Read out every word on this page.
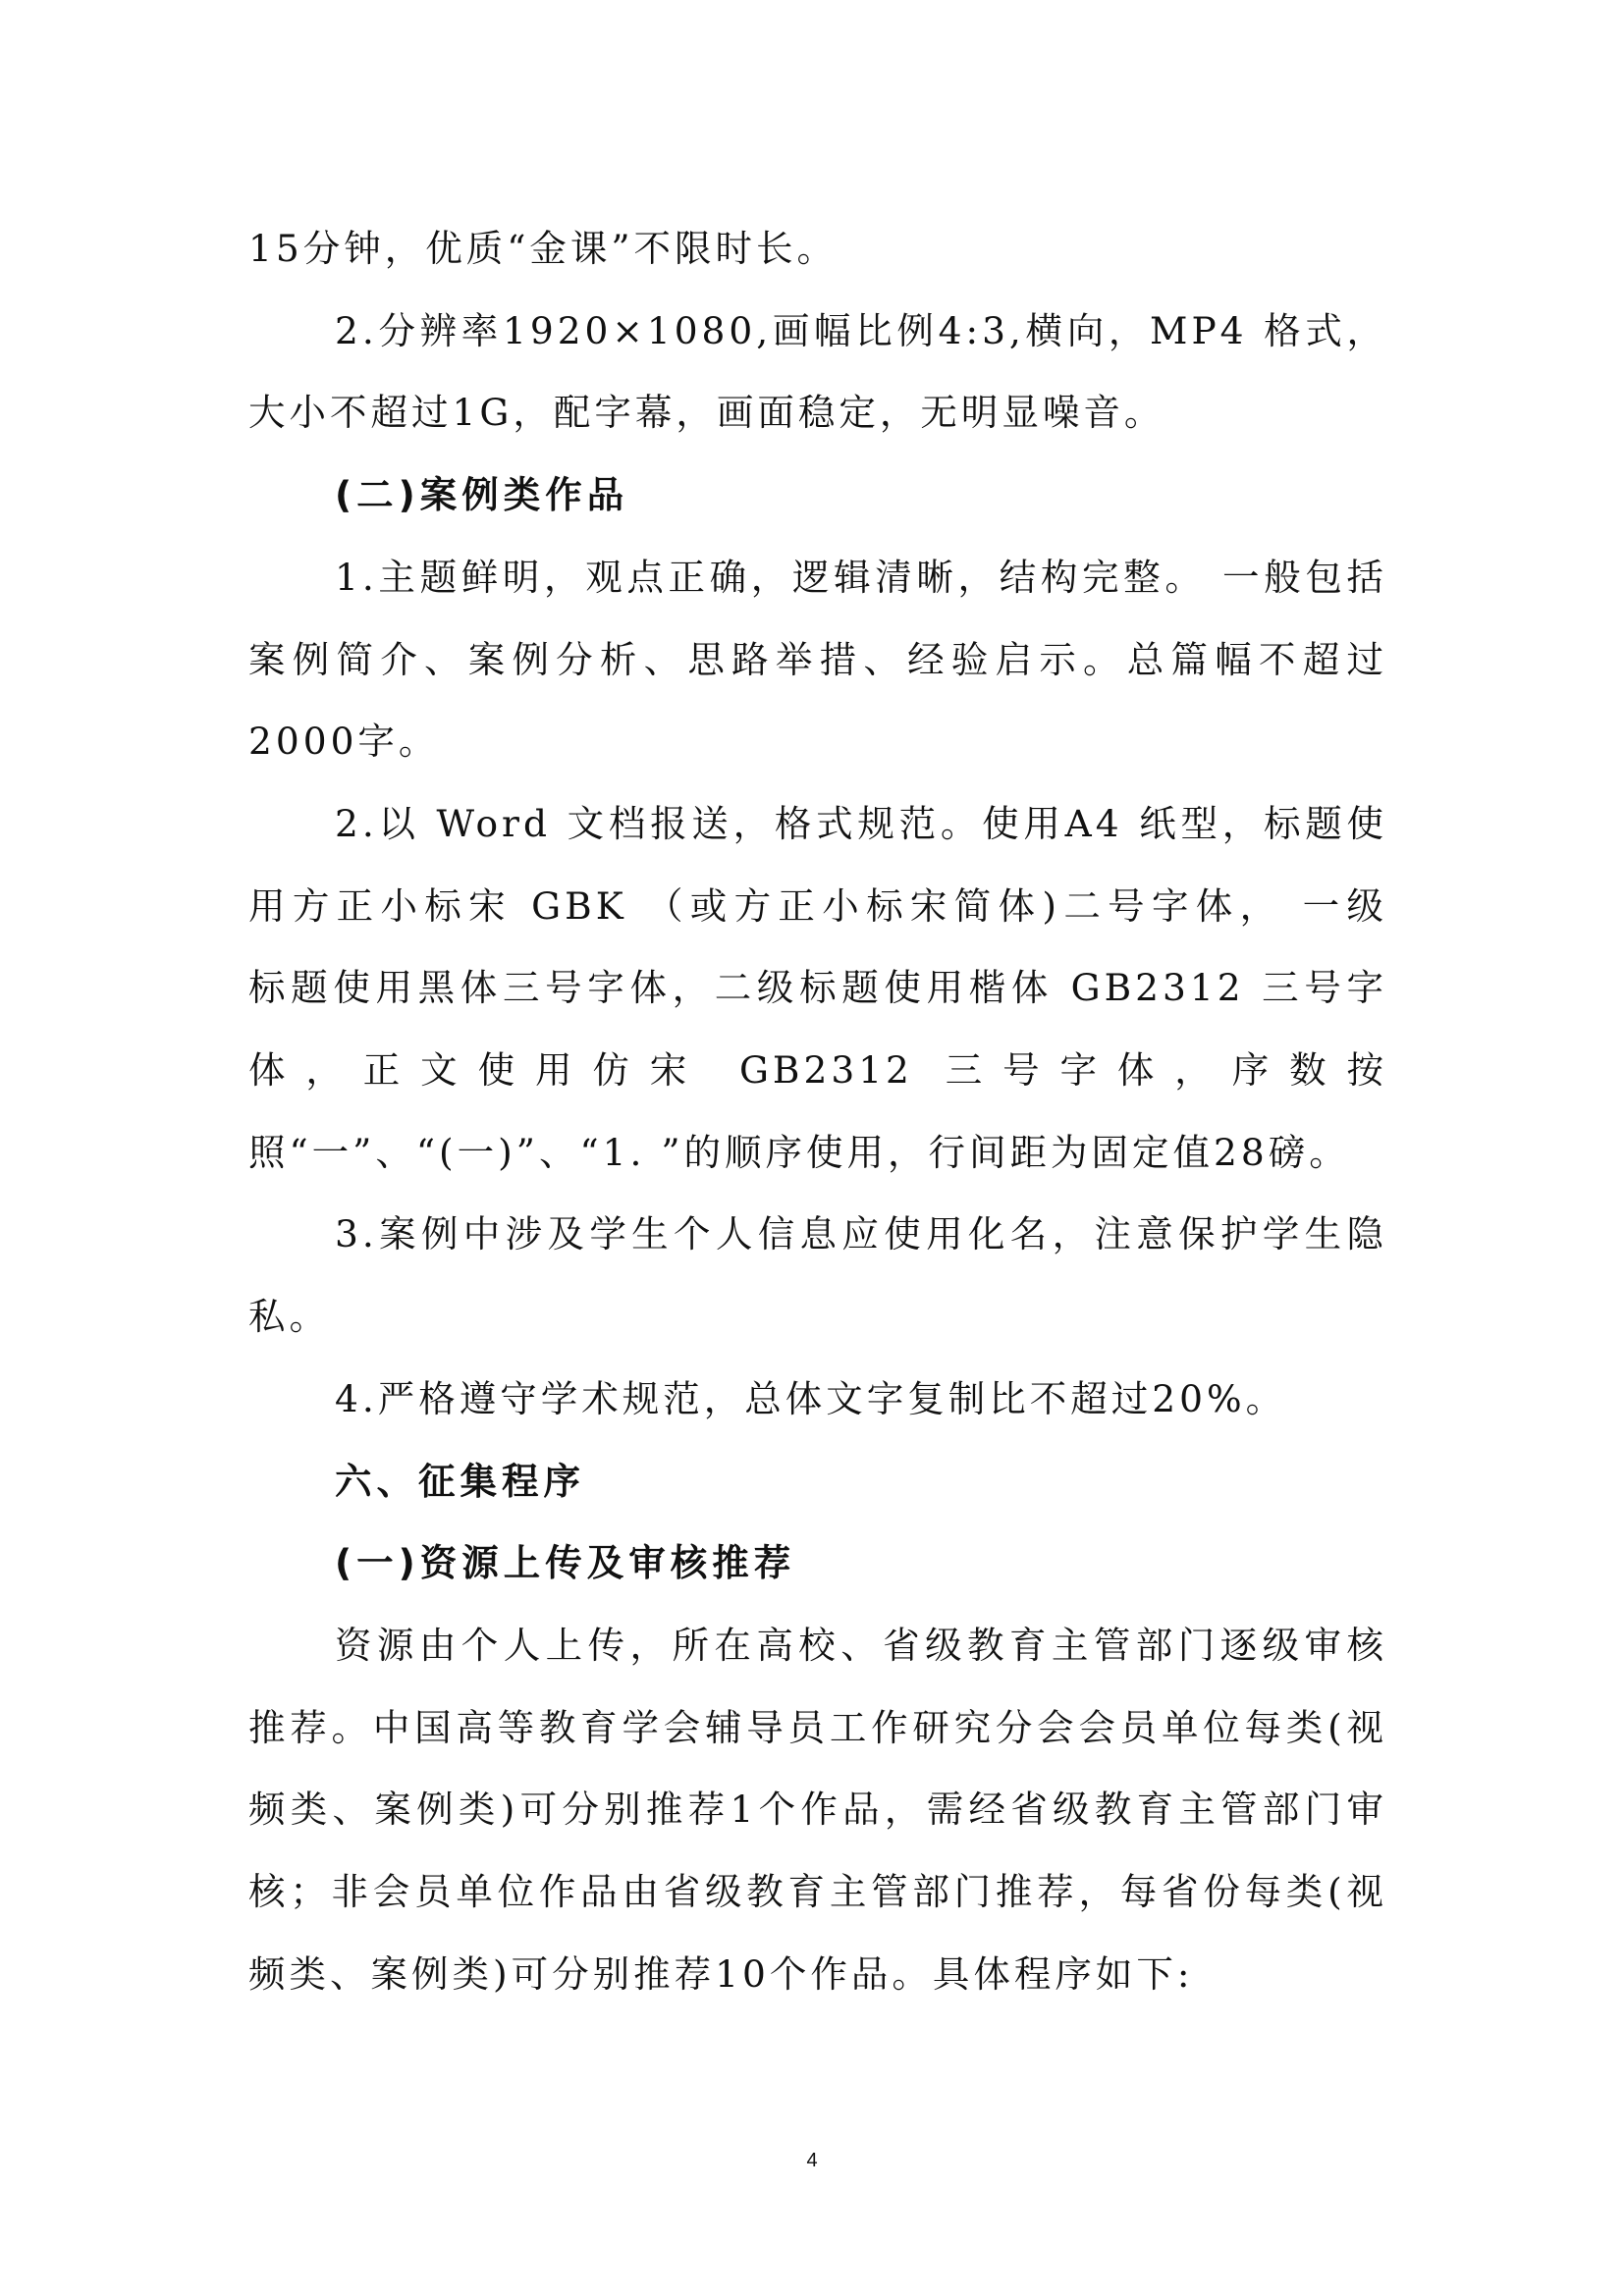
15分钟，优质“金课”不限时长。

2.分辨率1920×1080,画幅比例4:3,横向，MP4 格式，大小不超过1G，配字幕，画面稳定，无明显噪音。

(二)案例类作品

1.主题鲜明，观点正确，逻辑清晰，结构完整。 一般包括案例简介、案例分析、思路举措、经验启示。总篇幅不超过2000字。

2.以 Word 文档报送，格式规范。使用A4 纸型，标题使用方正小标宋 GBK （或方正小标宋简体)二号字体， 一级　 标题使用黑体三号字体，二级标题使用楷体 GB2312 三号字　体，正文使用仿宋 GB2312 三号字体，序数按照“一”、“(一)”、“1. ”的顺序使用，行间距为固定值28磅。

3.案例中涉及学生个人信息应使用化名，注意保护学生隐私。

4.严格遵守学术规范，总体文字复制比不超过20%。

六、征集程序

(一)资源上传及审核推荐

资源由个人上传，所在高校、省级教育主管部门逐级审核推荐。中国高等教育学会辅导员工作研究分会会员单位每类(视频类、案例类)可分别推荐1个作品，需经省级教育主管部门审核；非会员单位作品由省级教育主管部门推荐，每省份每类(视频类、案例类)可分别推荐10个作品。具体程序如下:

4
